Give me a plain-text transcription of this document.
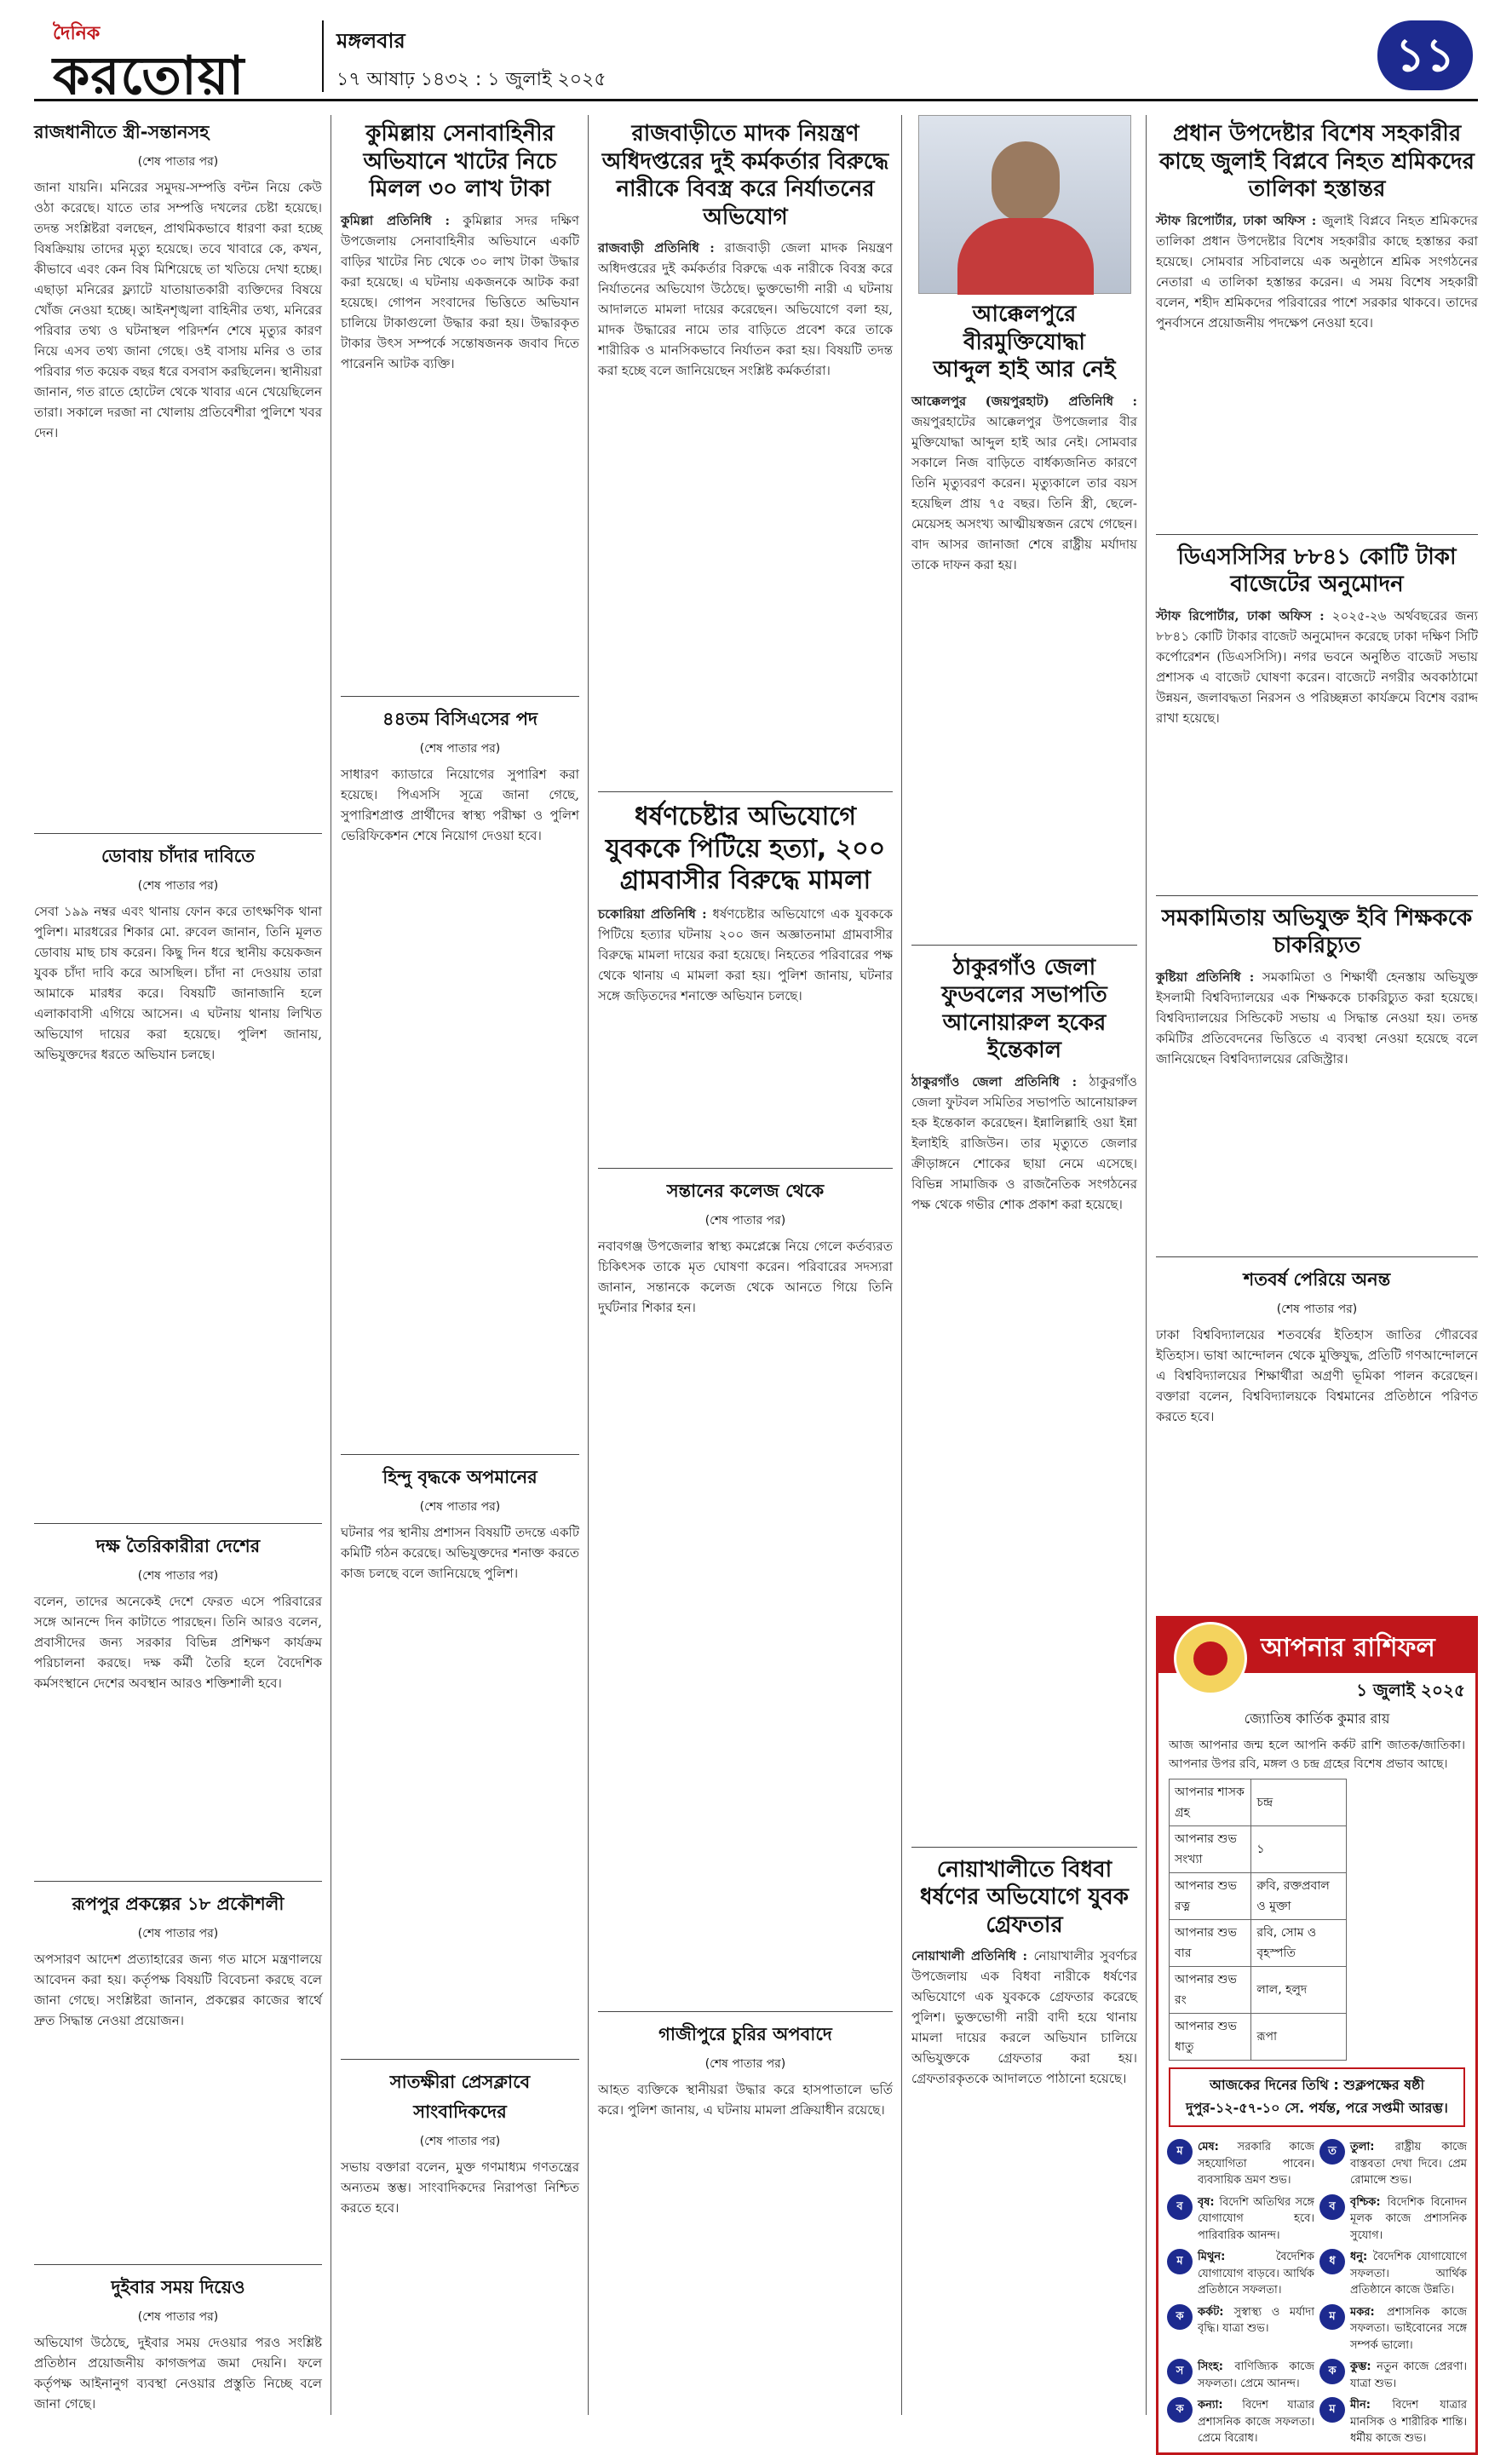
দৈনিক
করতোয়া
মঙ্গলবার
১৭ আষাঢ় ১৪৩২ : ১ জুলাই ২০২৫	১১
রাজধানীতে স্ত্রী-সন্তানসহ
(শেষ পাতার পর)
জানা যায়নি। মনিরের সমুদয়-সম্পত্তি বন্টন নিয়ে কেউ ওঠা করেছে। যাতে তার সম্পত্তি দখলের চেষ্টা হয়েছে। তদন্ত সংশ্লিষ্টরা বলছেন, প্রাথমিকভাবে ধারণা করা হচ্ছে বিষক্রিয়ায় তাদের মৃত্যু হয়েছে। তবে খাবারে কে, কখন, কীভাবে এবং কেন বিষ মিশিয়েছে তা খতিয়ে দেখা হচ্ছে। এছাড়া মনিরের ফ্ল্যাটে যাতায়াতকারী ব্যক্তিদের বিষয়ে খোঁজ নেওয়া হচ্ছে। আইনশৃঙ্খলা বাহিনীর তথ্য, মনিরের পরিবার তথ্য ও ঘটনাস্থল পরিদর্শন শেষে মৃত্যুর কারণ নিয়ে এসব তথ্য জানা গেছে। ওই বাসায় মনির ও তার পরিবার গত কয়েক বছর ধরে বসবাস করছিলেন। স্থানীয়রা জানান, গত রাতে হোটেল থেকে খাবার এনে খেয়েছিলেন তারা। সকালে দরজা না খোলায় প্রতিবেশীরা পুলিশে খবর দেন।
ডোবায় চাঁদার দাবিতে
(শেষ পাতার পর)
সেবা ১৯৯ নম্বর এবং থানায় ফোন করে তাৎক্ষণিক থানা পুলিশ। মারধরের শিকার মো. রুবেল জানান, তিনি মূলত ডোবায় মাছ চাষ করেন। কিছু দিন ধরে স্থানীয় কয়েকজন যুবক চাঁদা দাবি করে আসছিল। চাঁদা না দেওয়ায় তারা আমাকে মারধর করে। বিষয়টি জানাজানি হলে এলাকাবাসী এগিয়ে আসেন। এ ঘটনায় থানায় লিখিত অভিযোগ দায়ের করা হয়েছে। পুলিশ জানায়, অভিযুক্তদের ধরতে অভিযান চলছে।
দক্ষ তৈরিকারীরা দেশের
(শেষ পাতার পর)
বলেন, তাদের অনেকেই দেশে ফেরত এসে পরিবারের সঙ্গে আনন্দে দিন কাটাতে পারছেন। তিনি আরও বলেন, প্রবাসীদের জন্য সরকার বিভিন্ন প্রশিক্ষণ কার্যক্রম পরিচালনা করছে। দক্ষ কর্মী তৈরি হলে বৈদেশিক কর্মসংস্থানে দেশের অবস্থান আরও শক্তিশালী হবে।
রূপপুর প্রকল্পের ১৮ প্রকৌশলী
(শেষ পাতার পর)
অপসারণ আদেশ প্রত্যাহারের জন্য গত মাসে মন্ত্রণালয়ে আবেদন করা হয়। কর্তৃপক্ষ বিষয়টি বিবেচনা করছে বলে জানা গেছে। সংশ্লিষ্টরা জানান, প্রকল্পের কাজের স্বার্থে দ্রুত সিদ্ধান্ত নেওয়া প্রয়োজন।
দুইবার সময় দিয়েও
(শেষ পাতার পর)
অভিযোগ উঠেছে, দুইবার সময় দেওয়ার পরও সংশ্লিষ্ট প্রতিষ্ঠান প্রয়োজনীয় কাগজপত্র জমা দেয়নি। ফলে কর্তৃপক্ষ আইনানুগ ব্যবস্থা নেওয়ার প্রস্তুতি নিচ্ছে বলে জানা গেছে।
কুমিল্লায় সেনাবাহিনীর অভিযানে খাটের নিচে মিলল ৩০ লাখ টাকা
কুমিল্লা প্রতিনিধি : কুমিল্লার সদর দক্ষিণ উপজেলায় সেনাবাহিনীর অভিযানে একটি বাড়ির খাটের নিচ থেকে ৩০ লাখ টাকা উদ্ধার করা হয়েছে। এ ঘটনায় একজনকে আটক করা হয়েছে। গোপন সংবাদের ভিত্তিতে অভিযান চালিয়ে টাকাগুলো উদ্ধার করা হয়। উদ্ধারকৃত টাকার উৎস সম্পর্কে সন্তোষজনক জবাব দিতে পারেননি আটক ব্যক্তি।
৪৪তম বিসিএসের পদ
(শেষ পাতার পর)
সাধারণ ক্যাডারে নিয়োগের সুপারিশ করা হয়েছে। পিএসসি সূত্রে জানা গেছে, সুপারিশপ্রাপ্ত প্রার্থীদের স্বাস্থ্য পরীক্ষা ও পুলিশ ভেরিফিকেশন শেষে নিয়োগ দেওয়া হবে।
হিন্দু বৃদ্ধকে অপমানের
(শেষ পাতার পর)
ঘটনার পর স্থানীয় প্রশাসন বিষয়টি তদন্তে একটি কমিটি গঠন করেছে। অভিযুক্তদের শনাক্ত করতে কাজ চলছে বলে জানিয়েছে পুলিশ।
সাতক্ষীরা প্রেসক্লাবে সাংবাদিকদের
(শেষ পাতার পর)
সভায় বক্তারা বলেন, মুক্ত গণমাধ্যম গণতন্ত্রের অন্যতম স্তম্ভ। সাংবাদিকদের নিরাপত্তা নিশ্চিত করতে হবে।
রাজবাড়ীতে মাদক নিয়ন্ত্রণ অধিদপ্তরের দুই কর্মকর্তার বিরুদ্ধে নারীকে বিবস্ত্র করে নির্যাতনের অভিযোগ
রাজবাড়ী প্রতিনিধি : রাজবাড়ী জেলা মাদক নিয়ন্ত্রণ অধিদপ্তরের দুই কর্মকর্তার বিরুদ্ধে এক নারীকে বিবস্ত্র করে নির্যাতনের অভিযোগ উঠেছে। ভুক্তভোগী নারী এ ঘটনায় আদালতে মামলা দায়ের করেছেন। অভিযোগে বলা হয়, মাদক উদ্ধারের নামে তার বাড়িতে প্রবেশ করে তাকে শারীরিক ও মানসিকভাবে নির্যাতন করা হয়। বিষয়টি তদন্ত করা হচ্ছে বলে জানিয়েছেন সংশ্লিষ্ট কর্মকর্তারা।
ধর্ষণচেষ্টার অভিযোগে যুবককে পিটিয়ে হত্যা, ২০০ গ্রামবাসীর বিরুদ্ধে মামলা
চকোরিয়া প্রতিনিধি : ধর্ষণচেষ্টার অভিযোগে এক যুবককে পিটিয়ে হত্যার ঘটনায় ২০০ জন অজ্ঞাতনামা গ্রামবাসীর বিরুদ্ধে মামলা দায়ের করা হয়েছে। নিহতের পরিবারের পক্ষ থেকে থানায় এ মামলা করা হয়। পুলিশ জানায়, ঘটনার সঙ্গে জড়িতদের শনাক্তে অভিযান চলছে।
সন্তানের কলেজ থেকে
(শেষ পাতার পর)
নবাবগঞ্জ উপজেলার স্বাস্থ্য কমপ্লেক্সে নিয়ে গেলে কর্তব্যরত চিকিৎসক তাকে মৃত ঘোষণা করেন। পরিবারের সদস্যরা জানান, সন্তানকে কলেজ থেকে আনতে গিয়ে তিনি দুর্ঘটনার শিকার হন।
গাজীপুরে চুরির অপবাদে
(শেষ পাতার পর)
আহত ব্যক্তিকে স্থানীয়রা উদ্ধার করে হাসপাতালে ভর্তি করে। পুলিশ জানায়, এ ঘটনায় মামলা প্রক্রিয়াধীন রয়েছে।
আক্কেলপুরে বীরমুক্তিযোদ্ধা
আব্দুল হাই আর নেই
আক্কেলপুর (জয়পুরহাট) প্রতিনিধি : জয়পুরহাটের আক্কেলপুর উপজেলার বীর মুক্তিযোদ্ধা আব্দুল হাই আর নেই। সোমবার সকালে নিজ বাড়িতে বার্ধক্যজনিত কারণে তিনি মৃত্যুবরণ করেন। মৃত্যুকালে তার বয়স হয়েছিল প্রায় ৭৫ বছর। তিনি স্ত্রী, ছেলে-মেয়েসহ অসংখ্য আত্মীয়স্বজন রেখে গেছেন। বাদ আসর জানাজা শেষে রাষ্ট্রীয় মর্যাদায় তাকে দাফন করা হয়।
ঠাকুরগাঁও জেলা ফুডবলের সভাপতি আনোয়ারুল হকের ইন্তেকাল
ঠাকুরগাঁও জেলা প্রতিনিধি : ঠাকুরগাঁও জেলা ফুটবল সমিতির সভাপতি আনোয়ারুল হক ইন্তেকাল করেছেন। ইন্নালিল্লাহি ওয়া ইন্না ইলাইহি রাজিউন। তার মৃত্যুতে জেলার ক্রীড়াঙ্গনে শোকের ছায়া নেমে এসেছে। বিভিন্ন সামাজিক ও রাজনৈতিক সংগঠনের পক্ষ থেকে গভীর শোক প্রকাশ করা হয়েছে।
নোয়াখালীতে বিধবা ধর্ষণের অভিযোগে যুবক গ্রেফতার
নোয়াখালী প্রতিনিধি : নোয়াখালীর সুবর্ণচর উপজেলায় এক বিধবা নারীকে ধর্ষণের অভিযোগে এক যুবককে গ্রেফতার করেছে পুলিশ। ভুক্তভোগী নারী বাদী হয়ে থানায় মামলা দায়ের করলে অভিযান চালিয়ে অভিযুক্তকে গ্রেফতার করা হয়। গ্রেফতারকৃতকে আদালতে পাঠানো হয়েছে।
প্রধান উপদেষ্টার বিশেষ সহকারীর কাছে জুলাই বিপ্লবে নিহত শ্রমিকদের তালিকা হস্তান্তর
স্টাফ রিপোর্টার, ঢাকা অফিস : জুলাই বিপ্লবে নিহত শ্রমিকদের তালিকা প্রধান উপদেষ্টার বিশেষ সহকারীর কাছে হস্তান্তর করা হয়েছে। সোমবার সচিবালয়ে এক অনুষ্ঠানে শ্রমিক সংগঠনের নেতারা এ তালিকা হস্তান্তর করেন। এ সময় বিশেষ সহকারী বলেন, শহীদ শ্রমিকদের পরিবারের পাশে সরকার থাকবে। তাদের পুনর্বাসনে প্রয়োজনীয় পদক্ষেপ নেওয়া হবে।
ডিএসসিসির ৮৮৪১ কোটি টাকা বাজেটের অনুমোদন
স্টাফ রিপোর্টার, ঢাকা অফিস : ২০২৫-২৬ অর্থবছরের জন্য ৮৮৪১ কোটি টাকার বাজেট অনুমোদন করেছে ঢাকা দক্ষিণ সিটি কর্পোরেশন (ডিএসসিসি)। নগর ভবনে অনুষ্ঠিত বাজেট সভায় প্রশাসক এ বাজেট ঘোষণা করেন। বাজেটে নগরীর অবকাঠামো উন্নয়ন, জলাবদ্ধতা নিরসন ও পরিচ্ছন্নতা কার্যক্রমে বিশেষ বরাদ্দ রাখা হয়েছে।
সমকামিতায় অভিযুক্ত ইবি শিক্ষককে চাকরিচ্যুত
কুষ্টিয়া প্রতিনিধি : সমকামিতা ও শিক্ষার্থী হেনস্তায় অভিযুক্ত ইসলামী বিশ্ববিদ্যালয়ের এক শিক্ষককে চাকরিচ্যুত করা হয়েছে। বিশ্ববিদ্যালয়ের সিন্ডিকেট সভায় এ সিদ্ধান্ত নেওয়া হয়। তদন্ত কমিটির প্রতিবেদনের ভিত্তিতে এ ব্যবস্থা নেওয়া হয়েছে বলে জানিয়েছেন বিশ্ববিদ্যালয়ের রেজিস্ট্রার।
শতবর্ষ পেরিয়ে অনন্ত
(শেষ পাতার পর)
ঢাকা বিশ্ববিদ্যালয়ের শতবর্ষের ইতিহাস জাতির গৌরবের ইতিহাস। ভাষা আন্দোলন থেকে মুক্তিযুদ্ধ, প্রতিটি গণআন্দোলনে এ বিশ্ববিদ্যালয়ের শিক্ষার্থীরা অগ্রণী ভূমিকা পালন করেছেন। বক্তারা বলেন, বিশ্ববিদ্যালয়কে বিশ্বমানের প্রতিষ্ঠানে পরিণত করতে হবে।
আপনার রাশিফল
১ জুলাই ২০২৫
জ্যোতিষ কার্তিক কুমার রায়
আজ আপনার জন্ম হলে আপনি কর্কট রাশি জাতক/জাতিকা। আপনার উপর রবি, মঙ্গল ও চন্দ্র গ্রহের বিশেষ প্রভাব আছে।
আপনার শাসক গ্রহ	চন্দ্র
আপনার শুভ সংখ্যা	১
আপনার শুভ রত্ন	রুবি, রক্তপ্রবাল ও মুক্তা
আপনার শুভ বার	রবি, সোম ও বৃহস্পতি
আপনার শুভ রং	লাল, হলুদ
আপনার শুভ ধাতু	রূপা
আজকের দিনের তিথি : শুক্লপক্ষের ষষ্ঠী দুপুর-১২-৫৭-১০ সে. পর্যন্ত, পরে সপ্তমী আরম্ভ।
ম	মেষ: সরকারি কাজে সহযোগিতা পাবেন। ব্যবসায়িক ভ্রমণ শুভ।
ত	তুলা: রাষ্ট্রীয় কাজে বাস্তবতা দেখা দিবে। প্রেম রোমান্সে শুভ।
ব	বৃষ: বিদেশি অতিথির সঙ্গে যোগাযোগ হবে। পারিবারিক আনন্দ।
ব	বৃশ্চিক: বিদেশিক বিনোদন মূলক কাজে প্রশাসনিক সুযোগ।
ম	মিথুন: বৈদেশিক যোগাযোগ বাড়বে। আর্থিক প্রতিষ্ঠানে সফলতা।
ধ	ধনু: বৈদেশিক যোগাযোগে সফলতা। আর্থিক প্রতিষ্ঠানে কাজে উন্নতি।
ক	কর্কট: সুস্বাস্থ্য ও মর্যাদা বৃদ্ধি। যাত্রা শুভ।
ম	মকর: প্রশাসনিক কাজে সফলতা। ভাইবোনের সঙ্গে সম্পর্ক ভালো।
স	সিংহ: বাণিজ্যিক কাজে সফলতা। প্রেমে আনন্দ।
ক	কুম্ভ: নতুন কাজে প্রেরণা। যাত্রা শুভ।
ক	কন্যা: বিদেশ যাত্রার প্রশাসনিক কাজে সফলতা। প্রেমে বিরোধ।
ম	মীন: বিদেশ যাত্রার মানসিক ও শারীরিক শান্তি। ধর্মীয় কাজে শুভ।
